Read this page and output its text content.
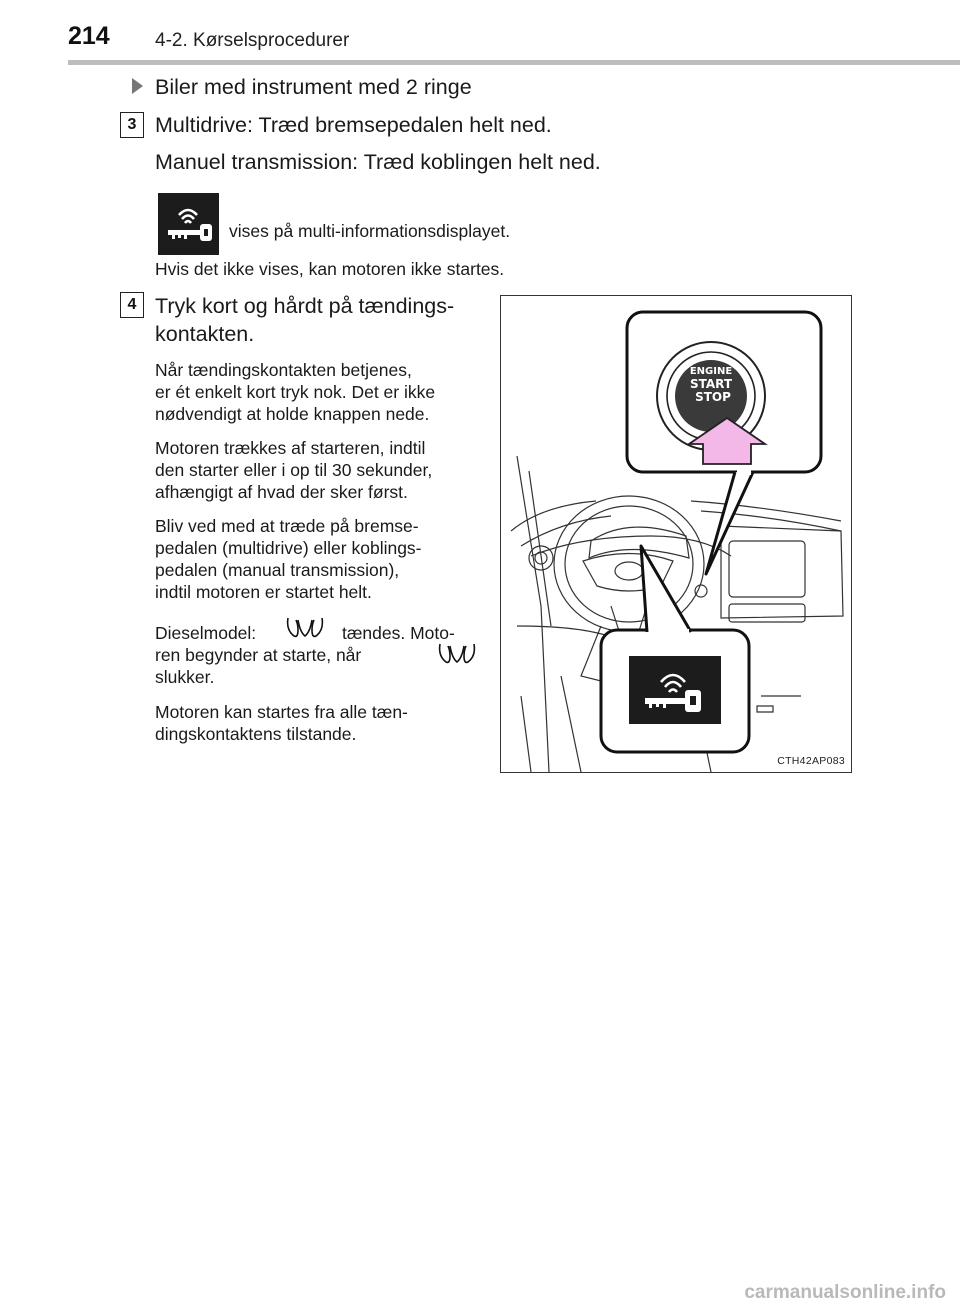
214 4-2. Kørselsprocedurer
Biler med instrument med 2 ringe
3 Multidrive: Træd bremsepedalen helt ned.
Manuel transmission: Træd koblingen helt ned.
vises på multi-informationsdisplayet.
Hvis det ikke vises, kan motoren ikke startes.
4 Tryk kort og hårdt på tændings-
kontakten.
Når tændingskontakten betjenes,
er ét enkelt kort tryk nok. Det er ikke
nødvendigt at holde knappen nede.
Motoren trækkes af starteren, indtil
den starter eller i op til 30 sekunder,
afhængigt af hvad der sker først.
Bliv ved med at træde på bremse-
pedalen (multidrive) eller koblings-
pedalen (manual transmission),
indtil motoren er startet helt.
Dieselmodel:	tændes. Moto-
ren begynder at starte, når
slukker.
Motoren kan startes fra alle tæn-
dingskontaktens tilstande.
ENGINE
START
STOP
CTH42AP083
carmanualsonline.info
